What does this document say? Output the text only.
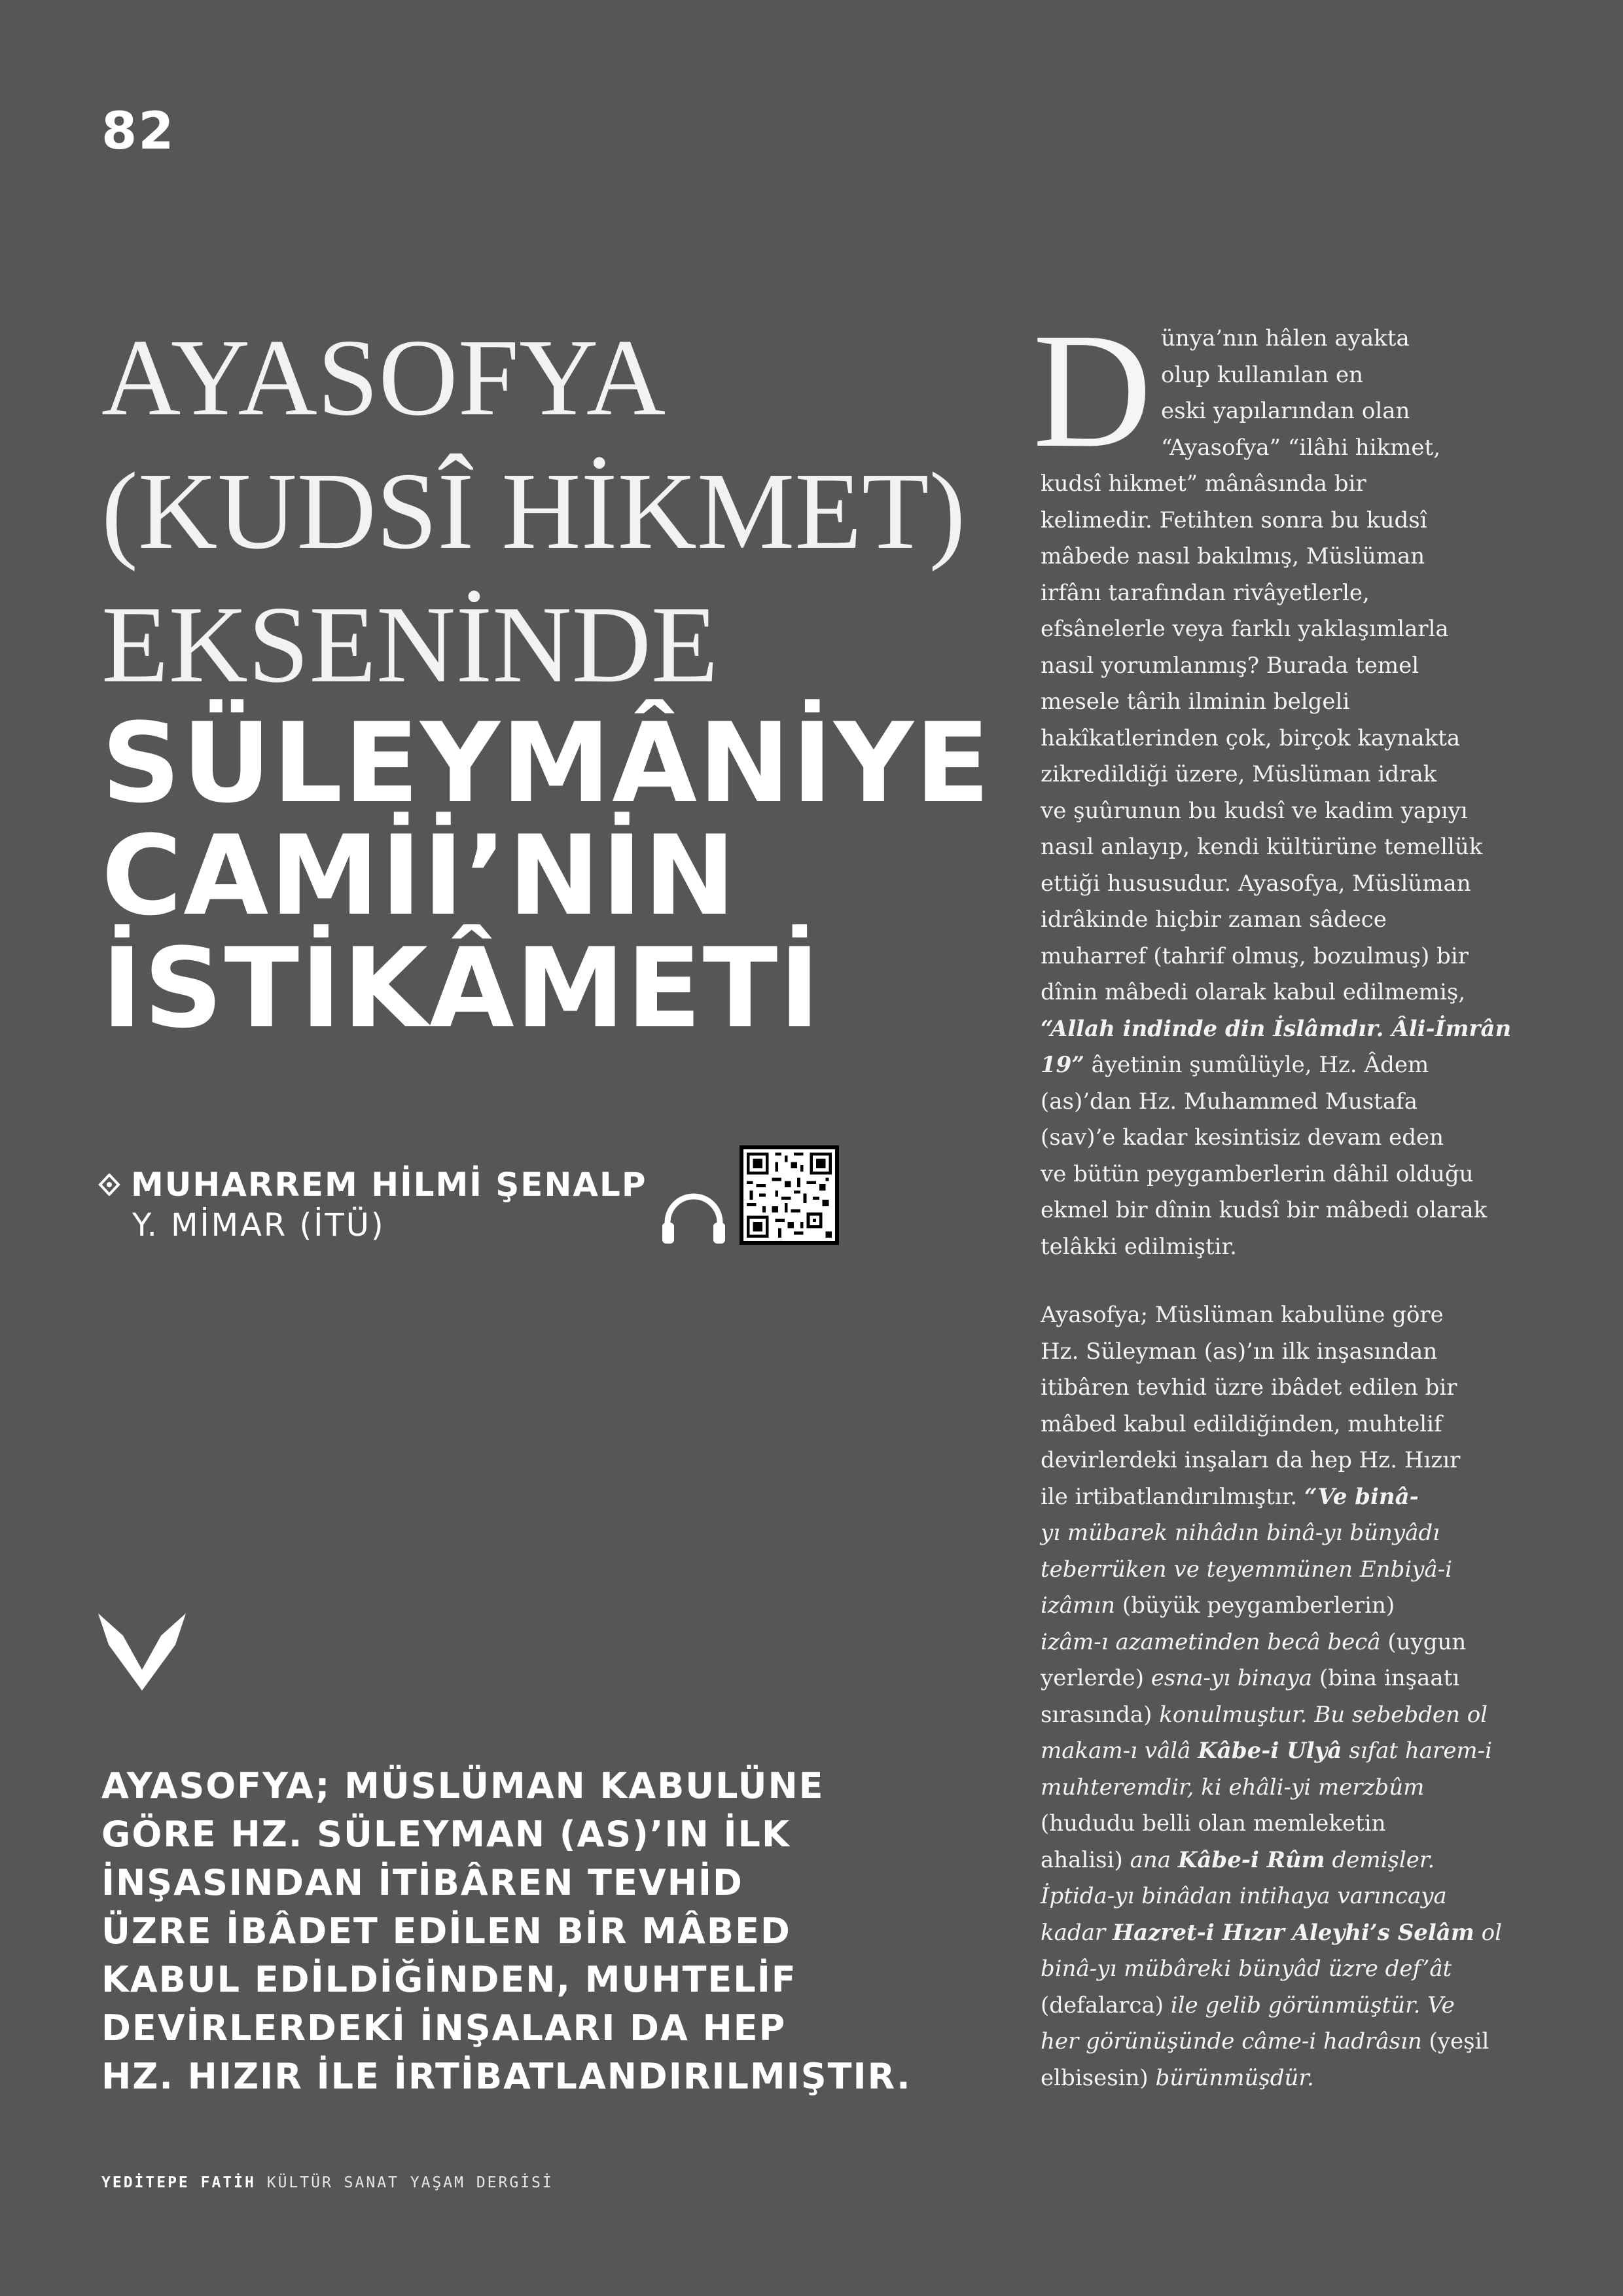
82
AYASOFYA
(KUDSÎ HİKMET)
EKSENİNDE
SÜLEYMÂNİYE
CAMİİ’NİN
İSTİKÂMETİ
MUHARREM HİLMİ ŞENALP
Y. MİMAR (İTÜ)
AYASOFYA; MÜSLÜMAN KABULÜNE
GÖRE HZ. SÜLEYMAN (AS)’IN İLK
İNŞASINDAN İTİBÂREN TEVHİD
ÜZRE İBÂDET EDİLEN BİR MÂBED
KABUL EDİLDİĞİNDEN, MUHTELİF
DEVİRLERDEKİ İNŞALARI DA HEP
HZ. HIZIR İLE İRTİBATLANDIRILMIŞTIR.
YEDİTEPE FATİH KÜLTÜR SANAT YAŞAM DERGİSİ
D ünya’nın hâlen ayakta
olup kullanılan en
eski yapılarından olan
“Ayasofya” “ilâhi hikmet,
kudsî hikmet” mânâsında bir
kelimedir. Fetihten sonra bu kudsî
mâbede nasıl bakılmış, Müslüman
irfânı tarafından rivâyetlerle,
efsânelerle veya farklı yaklaşımlarla
nasıl yorumlanmış? Burada temel
mesele târih ilminin belgeli
hakîkatlerinden çok, birçok kaynakta
zikredildiği üzere, Müslüman idrak
ve şuûrunun bu kudsî ve kadim yapıyı
nasıl anlayıp, kendi kültürüne temellük
ettiği hususudur. Ayasofya, Müslüman
idrâkinde hiçbir zaman sâdece
muharref (tahrif olmuş, bozulmuş) bir
dînin mâbedi olarak kabul edilmemiş,
“Allah indinde din İslâmdır. Âli-İmrân
19” âyetinin şumûlüyle, Hz. Âdem
(as)’dan Hz. Muhammed Mustafa
(sav)’e kadar kesintisiz devam eden
ve bütün peygamberlerin dâhil olduğu
ekmel bir dînin kudsî bir mâbedi olarak
telâkki edilmiştir.
Ayasofya; Müslüman kabulüne göre
Hz. Süleyman (as)’ın ilk inşasından
itibâren tevhid üzre ibâdet edilen bir
mâbed kabul edildiğinden, muhtelif
devirlerdeki inşaları da hep Hz. Hızır
ile irtibatlandırılmıştır. “Ve binâ-
yı mübarek nihâdın binâ-yı bünyâdı
teberrüken ve teyemmünen Enbiyâ-i
izâmın (büyük peygamberlerin)
izâm-ı azametinden becâ becâ (uygun
yerlerde) esna-yı binaya (bina inşaatı
sırasında) konulmuştur. Bu sebebden ol
makam-ı vâlâ Kâbe-i Ulyâ sıfat harem-i
muhteremdir, ki ehâli-yi merzbûm
(hududu belli olan memleketin
ahalisi) ana Kâbe-i Rûm demişler.
İptida-yı binâdan intihaya varıncaya
kadar Hazret-i Hızır Aleyhi’s Selâm ol
binâ-yı mübâreki bünyâd üzre def’ât
(defalarca) ile gelib görünmüştür. Ve
her görünüşünde câme-i hadrâsın (yeşil
elbisesin) bürünmüşdür.
